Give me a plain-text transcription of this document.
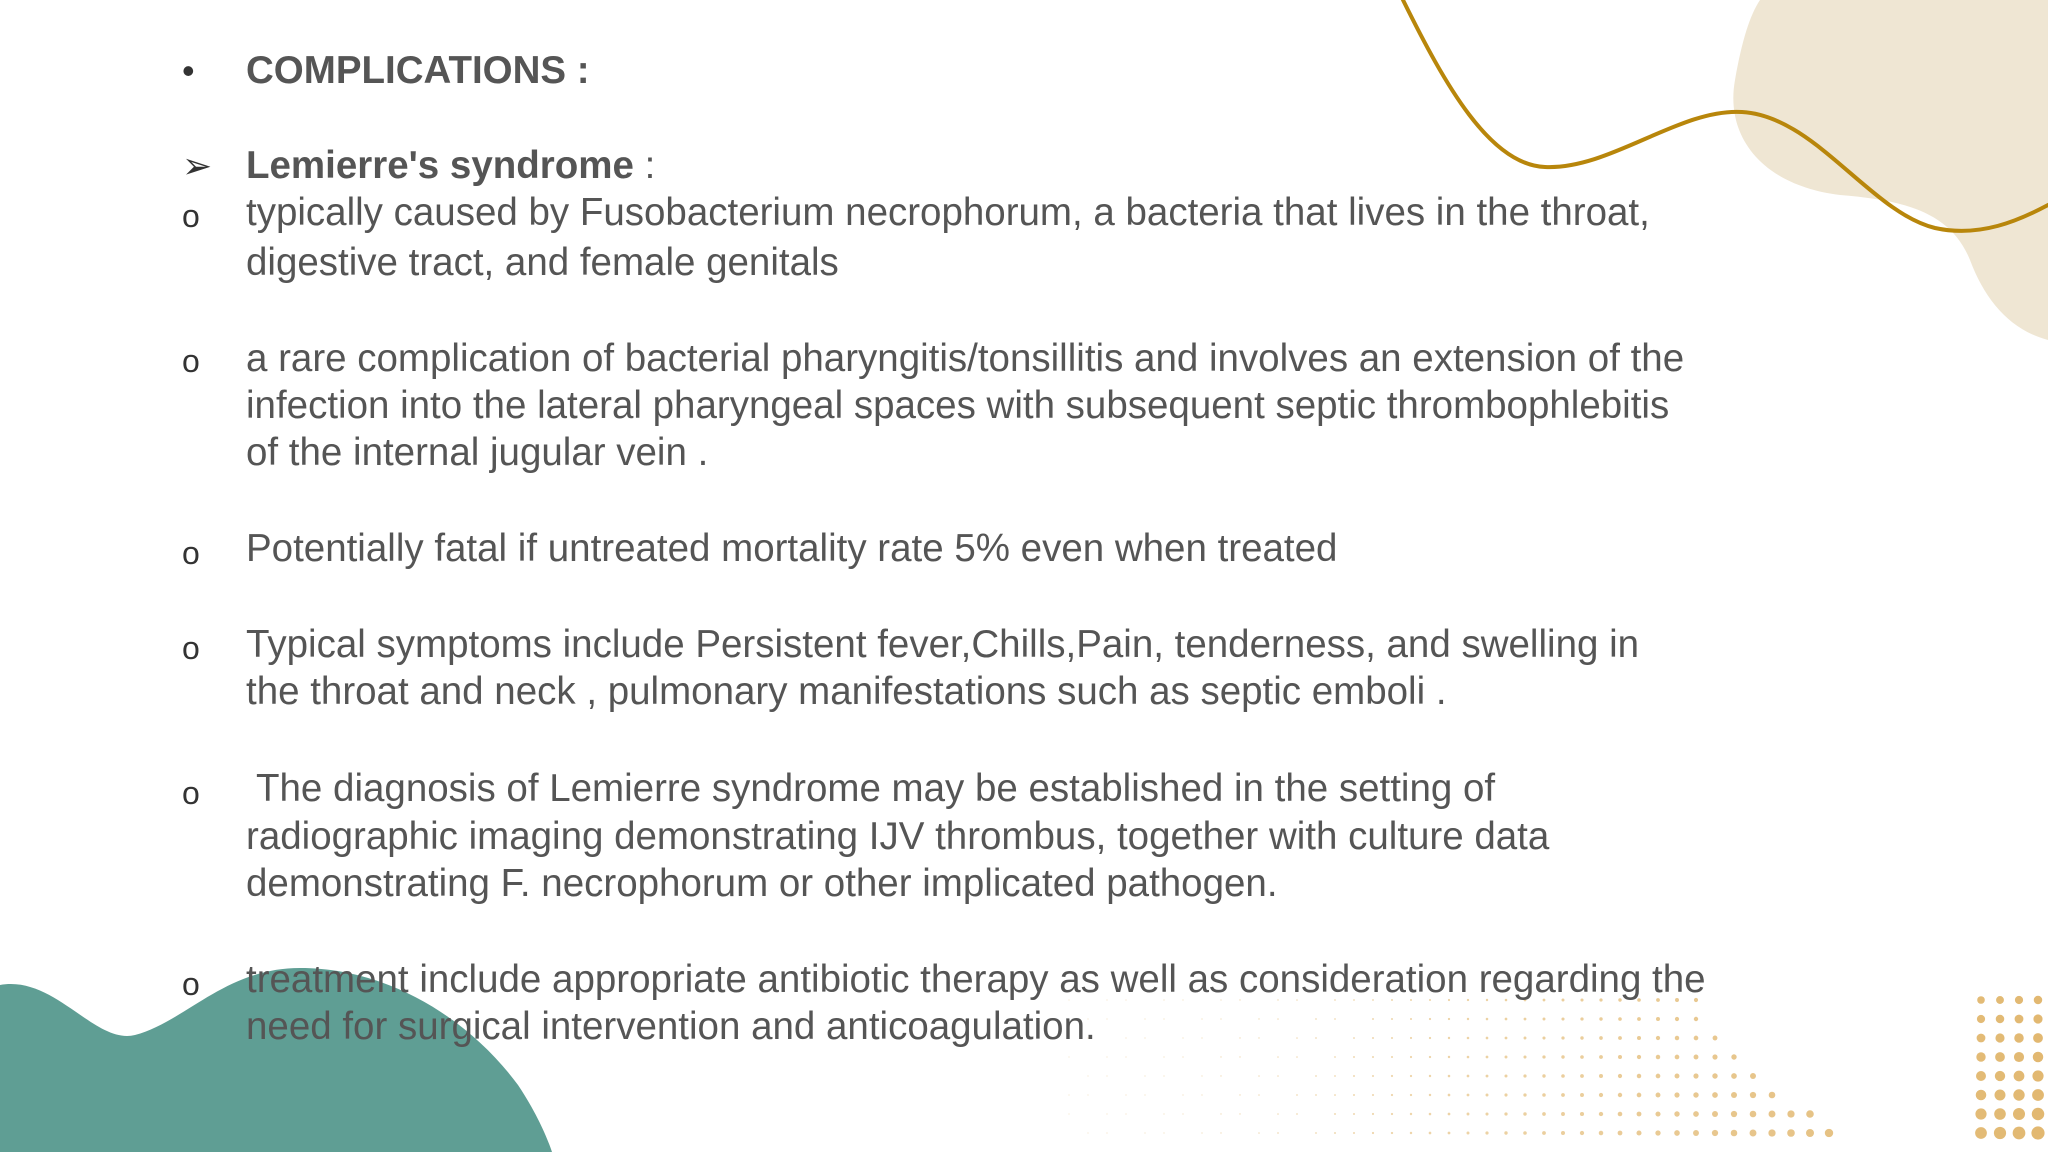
• COMPLICATIONS :
➢ Lemierre's syndrome :
o typically caused by Fusobacterium necrophorum, a bacteria that lives in the throat,
digestive tract, and female genitals
o a rare complication of bacterial pharyngitis/tonsillitis and involves an extension of the
infection into the lateral pharyngeal spaces with subsequent septic thrombophlebitis
of the internal jugular vein .
o Potentially fatal if untreated mortality rate 5% even when treated
o Typical symptoms include Persistent fever,Chills,Pain, tenderness, and swelling in
the throat and neck , pulmonary manifestations such as septic emboli .
o The diagnosis of Lemierre syndrome may be established in the setting of
radiographic imaging demonstrating IJV thrombus, together with culture data
demonstrating F. necrophorum or other implicated pathogen.
o treatment include appropriate antibiotic therapy as well as consideration regarding the
need for surgical intervention and anticoagulation.
